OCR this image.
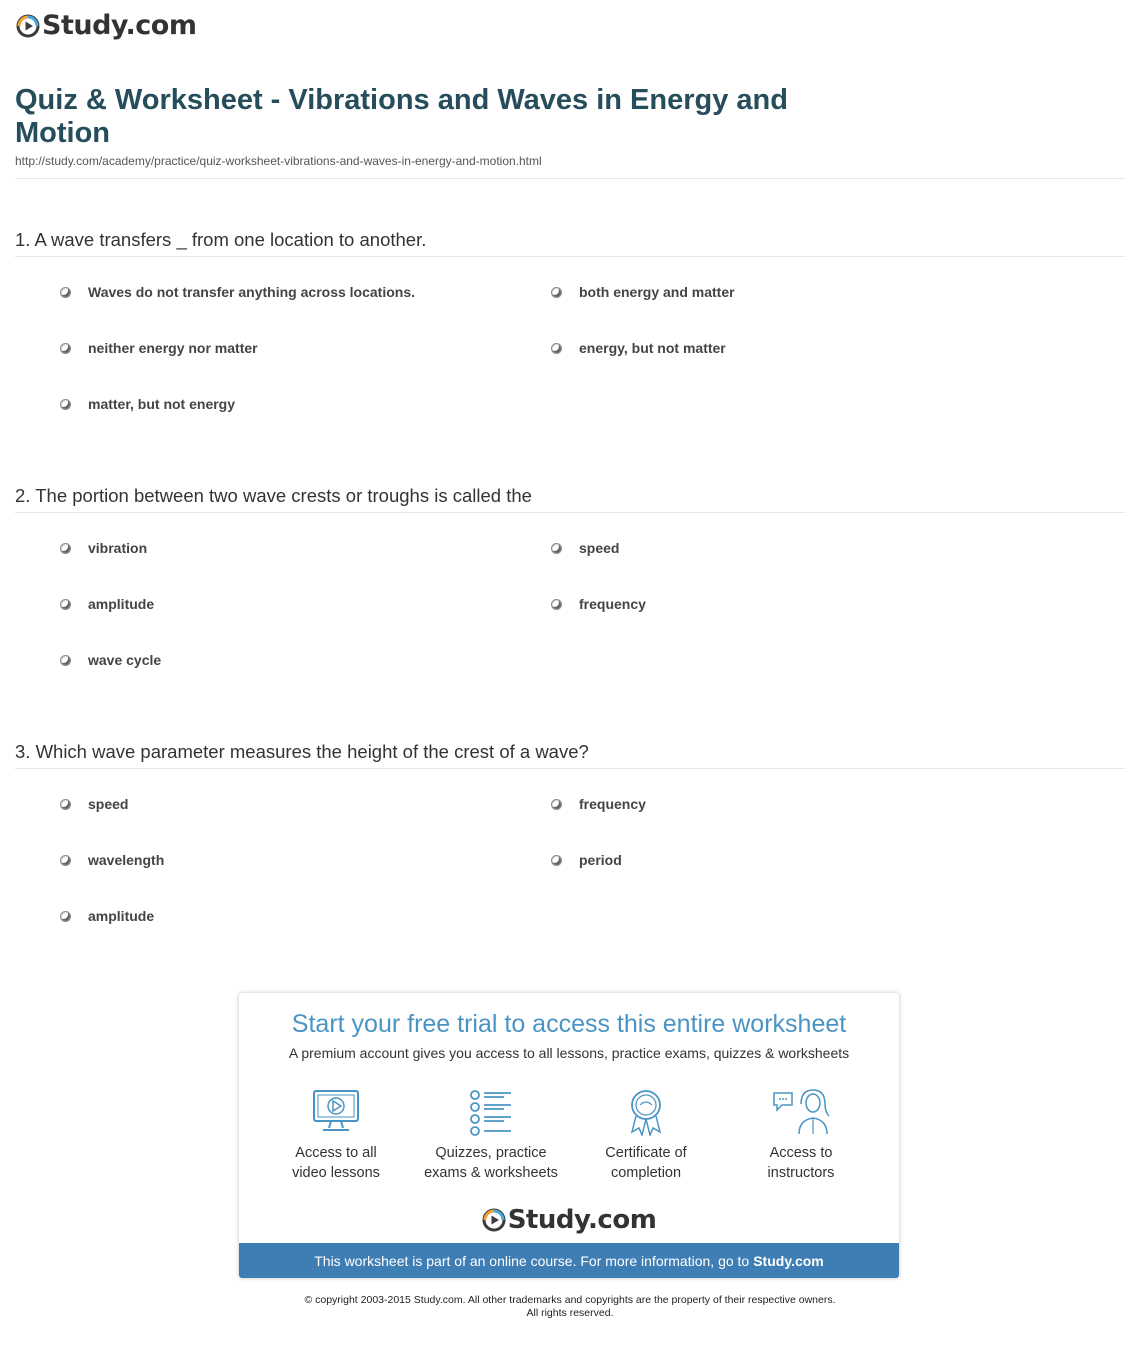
Study.com
Quiz & Worksheet - Vibrations and Waves in Energy and Motion
http://study.com/academy/practice/quiz-worksheet-vibrations-and-waves-in-energy-and-motion.html
1. A wave transfers _ from one location to another.
Waves do not transfer anything across locations.	both energy and matter
neither energy nor matter	energy, but not matter
matter, but not energy
2. The portion between two wave crests or troughs is called the
vibration	speed
amplitude	frequency
wave cycle
3. Which wave parameter measures the height of the crest of a wave?
speed	frequency
wavelength	period
amplitude
Start your free trial to access this entire worksheet
A premium account gives you access to all lessons, practice exams, quizzes & worksheets
Access to all
video lessons
Quizzes, practice
exams & worksheets
Certificate of
completion
Access to
instructors
Study.com
This worksheet is part of an online course. For more information, go to Study.com
© copyright 2003-2015 Study.com. All other trademarks and copyrights are the property of their respective owners.
All rights reserved.
